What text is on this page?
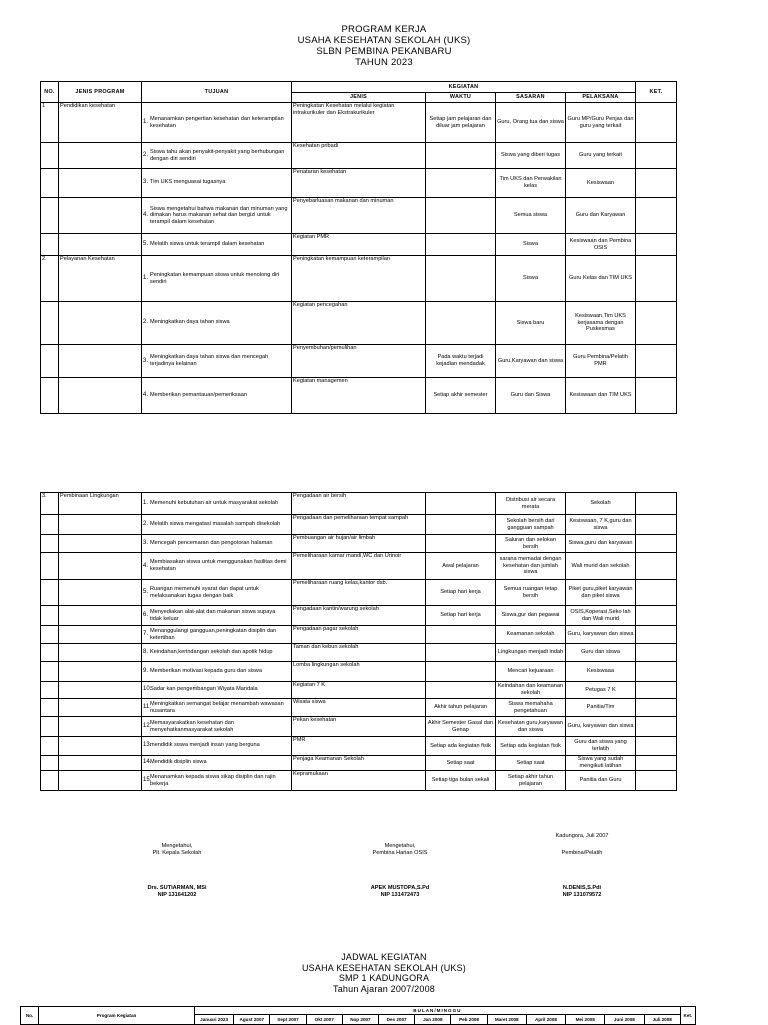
PROGRAM KERJA
USAHA KESEHATAN SEKOLAH (UKS)
SLBN PEMBINA PEKANBARU
TAHUN 2023
NO.	JENIS PROGRAM	TUJUAN	KEGIATAN				KET.
			JENIS	WAKTU	SASARAN	PELAKSANA	
1	Pendidikan kesehatan	1.Menanamkan pengertian kesehatan dan keterampilan kesehatan	Peningkatan Kesehatan melalui kegiatan intrakurikuler dan Ekstrakurikuler	Setiap jam pelajaran dan diluar jam pelajaran	Guru, Orang tua dan siswa	Guru MP/Guru Penjas dan guru yang terkait	
		2.Siswa tahu akan penyakit-penyakit yang berhubungan dengan diri sendiri	Kesehatan pribadi		Siswa yang diberi tugas	Guru yang terkait	
		3. Tim UKS menguasai tugasnya	Penataran kesehatan		Tim UKS dan Perwakilan kelas	Kesiswaan	
		4.Siswa mengetahui bahwa makanan dan minuman yang dimakan harus makanan sehat dan bergizi untuk terampil dalam kesehatan	Penyebarluasan makanan dan minuman		Semua siswa	Guru dan Karyawan	
		5. Melatih siswa untuk terampil dalam kesehatan	Kegiatan PMR		Siswa	Kesiswaan dan Pembina OSIS	
2.	Pelayanan Kesehatan	1.Peningkatan kemampuan siswa untuk menolong diri sendiri	Peningkatan kemampuan keterampilan		Siswa	Guru Kelas dan TIM UKS	
		2. Meningkatkan daya tahan siswa	Kegiatan pencegahan		Siswa baru	Kesiswaan,Tim UKS kerjasama dengan Puskesmas	
		3.Meningkatkan daya tahan siswa dan mencegah terjadinya kelainan	Penyembuhan/pemulihan	Pada waktu terjadi kejadian mendadak	Guru,Karyawan dan siswa	Guru Pembina/Pelatih PMR	
		4. Memberikan pemantauan/pemeriksaan	Kegiatan managemen	Setiap akhir semester	Guru dan Siswa	Kesiswaan dan TIM UKS	
3.	Pembinaan Lingkungan	1. Memenuhi kebutuhan air untuk masyarakat sekolah	Pengadaan air bersih		Distribusi air secara merata	Sekolah	
		2. Melatih siswa mengatasi masalah sampah disekolah	Pengadaan dan pemeliharaan tempat sampah		Sekolah bersih dari gangguan sampah	Kesiswaan, 7 K,guru dan siswa	
		3. Mencegah pencemaran dan pengotoran halaman	Pembuangan air hujan/air limbah		Saluran dan selokan bersih	Siswa,guru dan karyawan	
		4.Membiasakan siswa untuk menggunakan fasilitas demi kesehatan	Pemeliharaan kamar mandi,WC dan Urinoir	Awal pelajaran	sarana memadai dengan kesehatan dan jumlah siswa	Wali murid dan sekolah	
		5.Ruangan memenuhi syarat dan dapat untuk melaksanakan tugas dengan baik	Pemeliharaan ruang kelas,kantor dsb.	Setiap hari kerja	Semua ruangan tetap bersih	Piket guru,piket karyawan dan piket siswa	
		6.Menyediakan alat-alat dan makanan siswa supaya tidak keluar	Pengadaan kantin/warung sekolah	Setiap hari kerja	Siswa,gur dan pegawai	OSIS,Koperasi,Seko lah dan Wali murid	
		7.Menanggulangi gangguan,peningkatan disiplin dan ketertiban	Pengadaan pagar sekolah		Keamanan sekolah	Guru, karyawan dan siswa	
		8. Keindahan,kerindangan sekolah dan apotik hidup	Taman dan kebun sekolah		Lingkungan menjadi indah	Guru dan siswa	
		9. Memberikan motivasi kepada guru dan siswa	Lomba lingkungan sekolah		Mencari kejuaraan	Kesiswaaa	
		10.Sadar kan pengembangan Wiyata Mandala	Kegiatan 7 K		Keindahan dan keamanan sekolah	Petugas 7 K	
		11.Meningkatkan semangat belajar menambah wawasan nusantara	Wisata siswa	Akhir tahun pelajaran	Siswa memahaha pengetahuan	Panitia/Tim	
		12.Memasyarakatkan kesehatan dan menyehatkanmasyarakat sekolah	Pekan kesehatan	Akhir Semester Gasal dan Genap	Kesehatan guru,karyawan dan siswa	Guru, karyawan dan siswa	
		13.mendidik siswa menjadi insan yang berguna	PMR	Setiap ada kegiatan fisik	Setiap ada kegiatan fisik	Guru dan siswa yang terlatih	
		14.Mendidik disiplin siswa	Penjaga Keamanan Sekolah	Setiap saat	Setiap saat	Siswa yang sudah mengikuti latihan	
		15.Menanamkan kepada siswa sikap disiplin dan rajin bekerja	Kepramukaan	Setiap tiga bulan sekali	Setiap akhir tahun pelajaran	Panitia dan Guru	
Kadungora, Juli 2007
Mengetahui,
Plt. Kepala Sekolah
Drs. SUTIARMAN, MSi
NIP 131641202
Mengetahui,
Pembina Harian OSIS
APEK MUSTOPA,S.Pd
NIP 131472473
Pembina/Pelatih
N.DENIS,S.Pdi
NIP 131079572
JADWAL KEGIATAN
USAHA KESEHATAN SEKOLAH (UKS)
SMP 1 KADUNGORA
Tahun Ajaran 2007/2008
No.	Program Kegiatan	BULAN/MINGGU													Ket.
		Januari 2023	Agust 2007	Sept 2007	Okt 2007	Nop 2007	Des 2007	Jan 2008	Peb 2008	Maret 2008	April 2008	Mei 2008	Juni 2008	Juli 2008	
